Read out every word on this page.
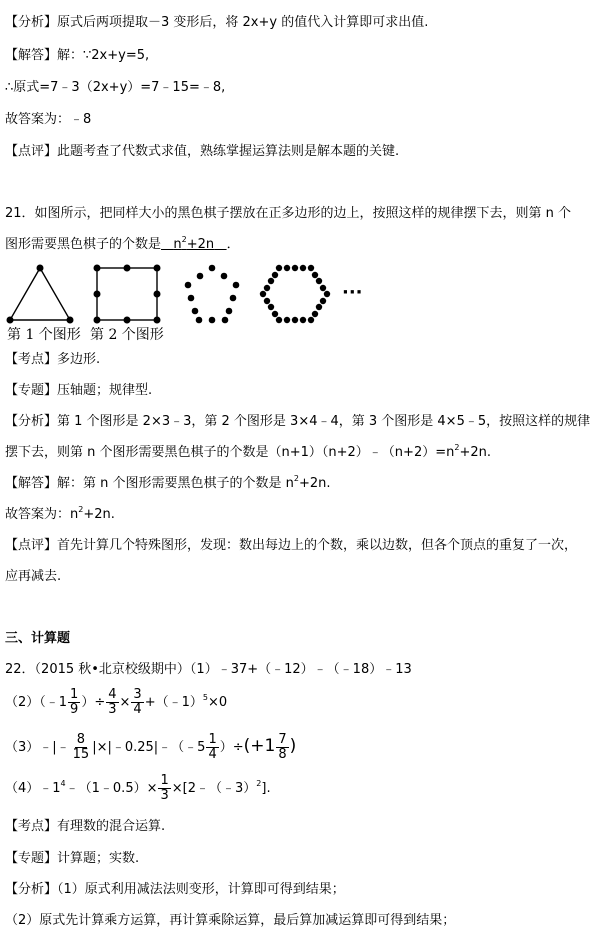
【分析】原式后两项提取－3 变形后，将 2x+y 的值代入计算即可求出值.
【解答】解：∵2x+y=5,
∴原式=7﹣3（2x+y）=7﹣15=﹣8,
故答案为：﹣8
【点评】此题考查了代数式求值，熟练掌握运算法则是解本题的关键.
21．如图所示，把同样大小的黑色棋子摆放在正多边形的边上，按照这样的规律摆下去，则第 n 个
图形需要黑色棋子的个数是 $n^2+2n$ ．
···
第 1 个图形 第 2 个图形
【考点】多边形.
【专题】压轴题；规律型.
【分析】第 1 个图形是 2×3﹣3，第 2 个图形是 3×4﹣4，第 3 个图形是 4×5﹣5，按照这样的规律
摆下去，则第 n 个图形需要黑色棋子的个数是$(n+1)(n+2)﹣(n+2)=n^2+2n$.
【解答】解：第 n 个图形需要黑色棋子的个数是 $n^2+2n$.
故答案为：$n^2+2n$.
【点评】首先计算几个特殊图形，发现：数出每边上的个数，乘以边数，但各个顶点的重复了一次，
应再减去.
三、计算题
22．（2015 秋•北京校级期中）（1）﹣37+（﹣12）﹣（﹣18）﹣13
（2）（﹣1 $\frac{1}{9}$ ）÷ $\frac{4}{3} \times \frac{3}{4}$ +（﹣1）$^5$×0
（3）﹣|﹣ $\frac{8}{15}$ |×|﹣0.25|﹣（﹣5 $\frac{1}{4} )\div(+1 \frac{7}{8}$ )
$(4)﹣1^4﹣(1﹣0.5)\times \frac{1}{3}$ ×[2﹣（﹣3）$^2$].
【考点】有理数的混合运算.
【专题】计算题；实数.
【分析】（1）原式利用减法法则变形，计算即可得到结果；
（2）原式先计算乘方运算，再计算乘除运算，最后算加减运算即可得到结果；
